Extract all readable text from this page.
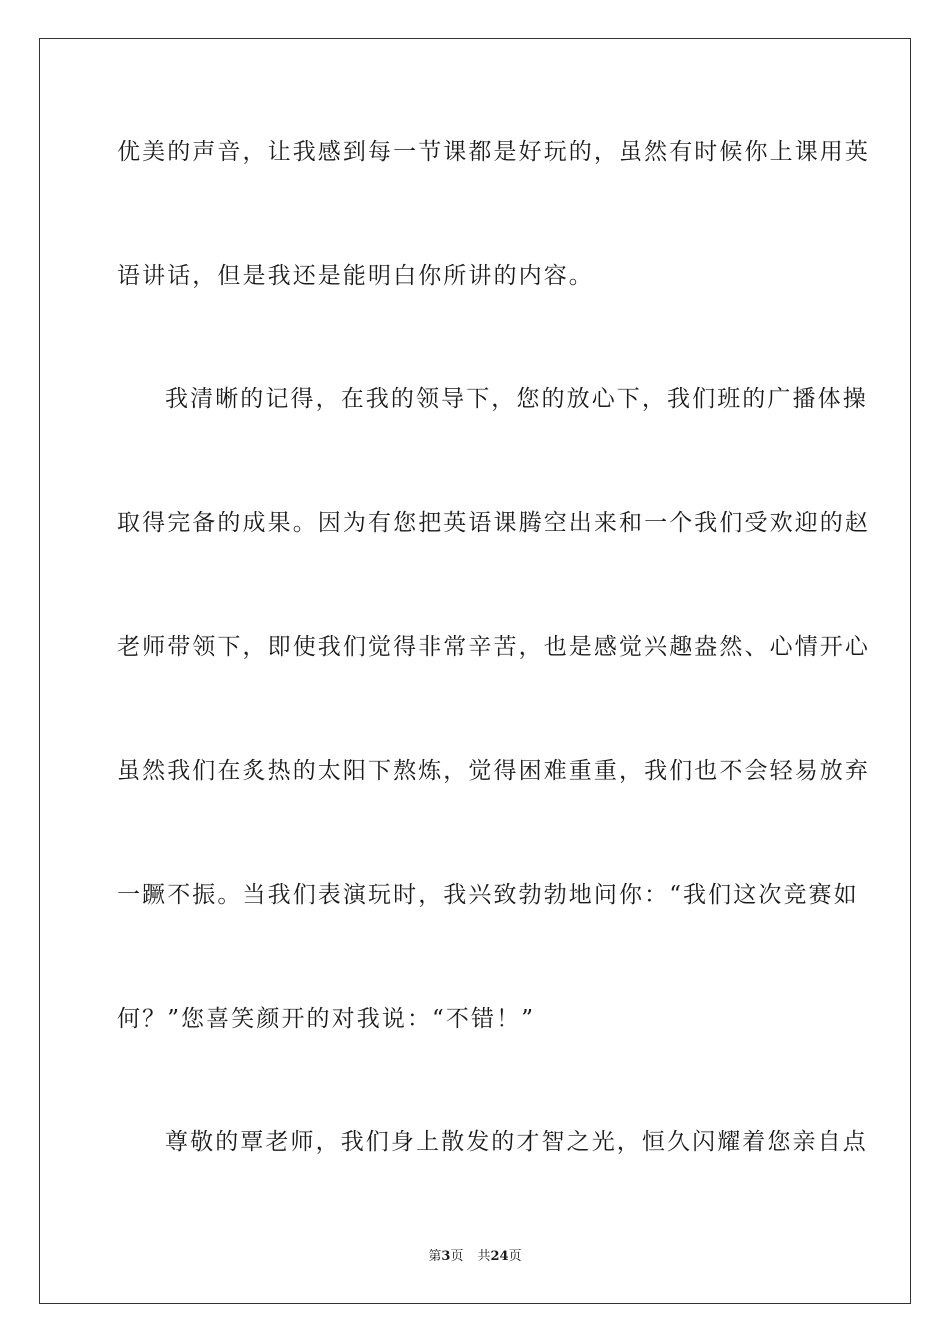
优美的声音，让我感到每一节课都是好玩的，虽然有时候你上课用英
语讲话，但是我还是能明白你所讲的内容。
我清晰的记得，在我的领导下，您的放心下，我们班的广播体操
取得完备的成果。因为有您把英语课腾空出来和一个我们受欢迎的赵
老师带领下，即使我们觉得非常辛苦，也是感觉兴趣盎然、心情开心
虽然我们在炙热的太阳下熬炼，觉得困难重重，我们也不会轻易放弃
一蹶不振。当我们表演玩时，我兴致勃勃地问你：“我们这次竞赛如
何？”您喜笑颜开的对我说：“不错！”
尊敬的覃老师，我们身上散发的才智之光，恒久闪耀着您亲自点
第3页 共24页
